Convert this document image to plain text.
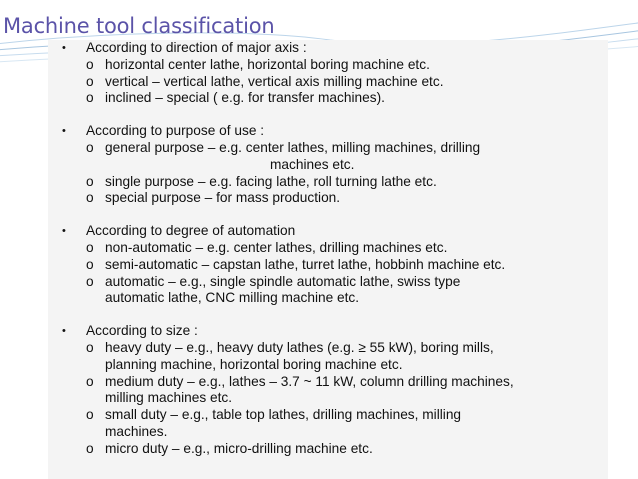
Machine tool classification
• According to direction of major axis :
o horizontal center lathe, horizontal boring machine etc.
o vertical – vertical lathe, vertical axis milling machine etc.
o inclined – special ( e.g. for transfer machines).
• According to purpose of use :
o general purpose – e.g. center lathes, milling machines, drilling
machines etc.
o single purpose – e.g. facing lathe, roll turning lathe etc.
o special purpose – for mass production.
• According to degree of automation
o non-automatic – e.g. center lathes, drilling machines etc.
o semi-automatic – capstan lathe, turret lathe, hobbinh machine etc.
o automatic – e.g., single spindle automatic lathe, swiss type
automatic lathe, CNC milling machine etc.
• According to size :
o heavy duty – e.g., heavy duty lathes (e.g. ≥ 55 kW), boring mills,
planning machine, horizontal boring machine etc.
o medium duty – e.g., lathes – 3.7 ~ 11 kW, column drilling machines,
milling machines etc.
o small duty – e.g., table top lathes, drilling machines, milling
machines.
o micro duty – e.g., micro-drilling machine etc.
